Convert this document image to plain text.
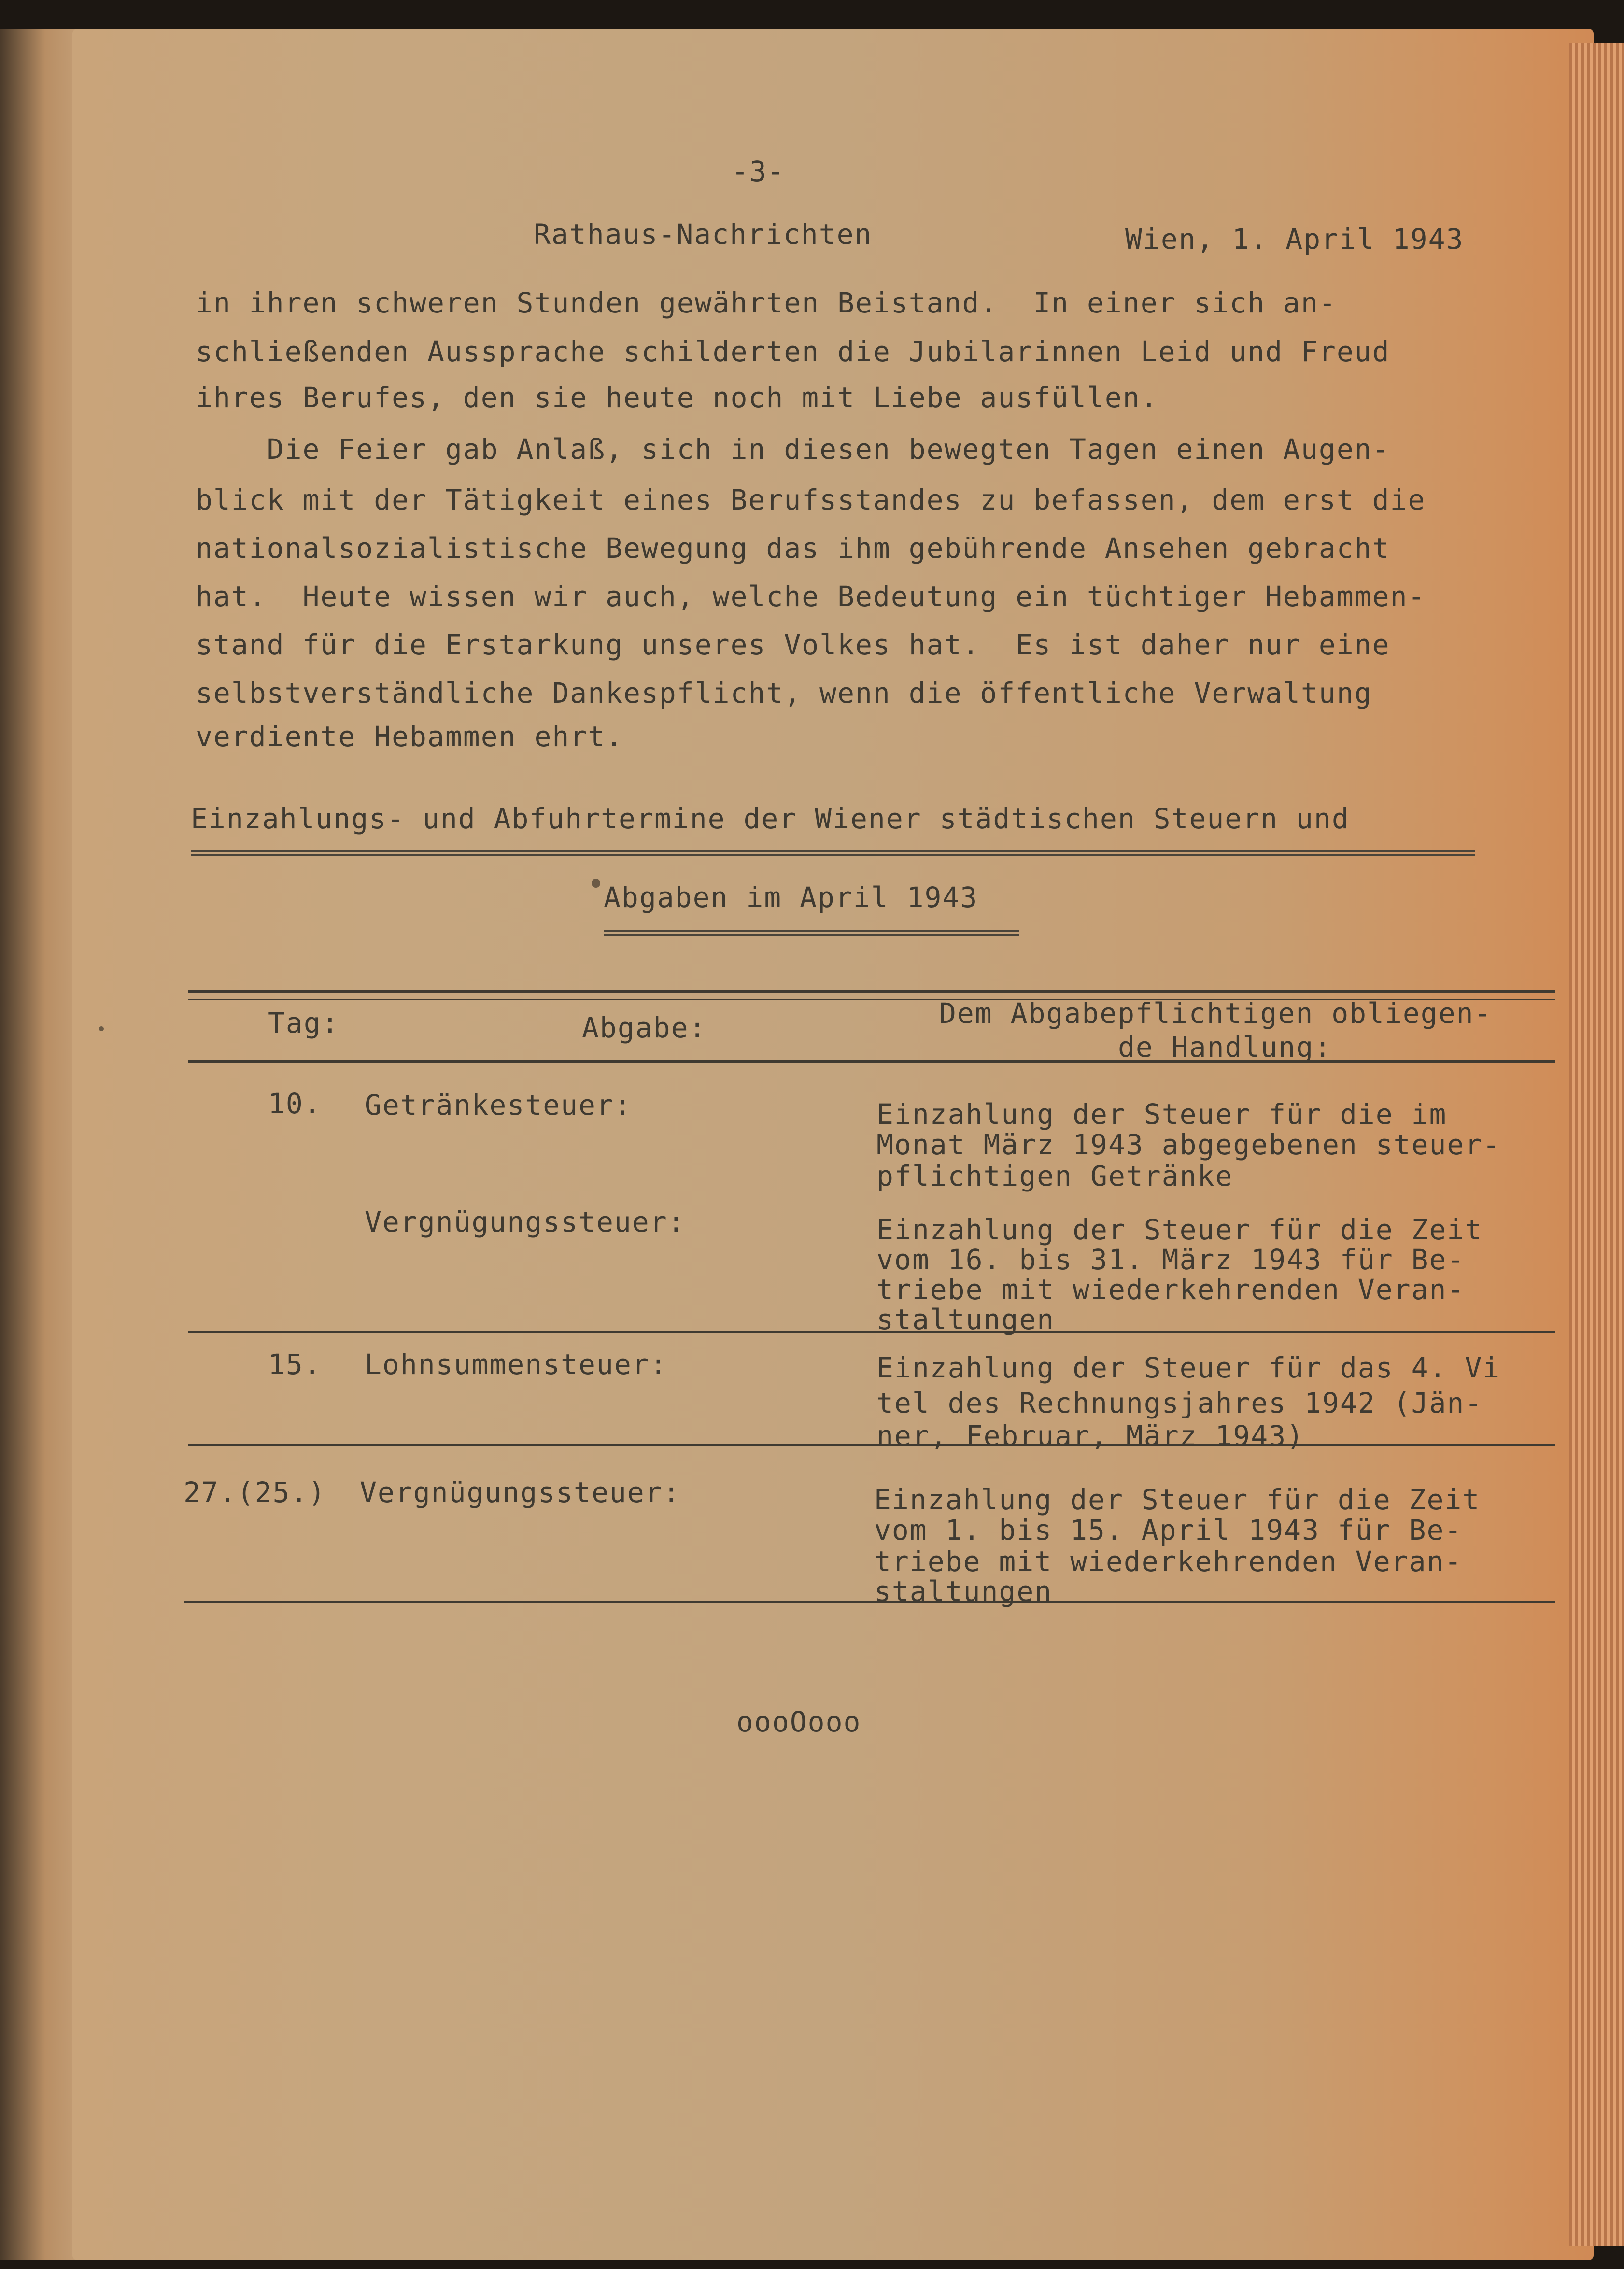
-3-
Rathaus-Nachrichten	Wien, 1. April 1943
in ihren schweren Stunden gewährten Beistand.  In einer sich an-
schließenden Aussprache schilderten die Jubilarinnen Leid und Freud
ihres Berufes, den sie heute noch mit Liebe ausfüllen.
Die Feier gab Anlaß, sich in diesen bewegten Tagen einen Augen-
blick mit der Tätigkeit eines Berufsstandes zu befassen, dem erst die
nationalsozialistische Bewegung das ihm gebührende Ansehen gebracht
hat.  Heute wissen wir auch, welche Bedeutung ein tüchtiger Hebammen-
stand für die Erstarkung unseres Volkes hat.  Es ist daher nur eine
selbstverständliche Dankespflicht, wenn die öffentliche Verwaltung
verdiente Hebammen ehrt.
Einzahlungs- und Abfuhrtermine der Wiener städtischen Steuern und
Abgaben im April 1943
Tag:	Abgabe:	Dem Abgabepflichtigen obliegen-
de Handlung:
10. Getränkesteuer:	Einzahlung der Steuer für die im
Monat März 1943 abgegebenen steuer-
pflichtigen Getränke
Vergnügungssteuer:	Einzahlung der Steuer für die Zeit
vom 16. bis 31. März 1943 für Be-
triebe mit wiederkehrenden Veran-
staltungen
15. Lohnsummensteuer:	Einzahlung der Steuer für das 4. Vi
tel des Rechnungsjahres 1942 (Jän-
ner, Februar, März 1943)
27.(25.) Vergnügungssteuer:	Einzahlung der Steuer für die Zeit
vom 1. bis 15. April 1943 für Be-
triebe mit wiederkehrenden Veran-
staltungen
oooOooo
